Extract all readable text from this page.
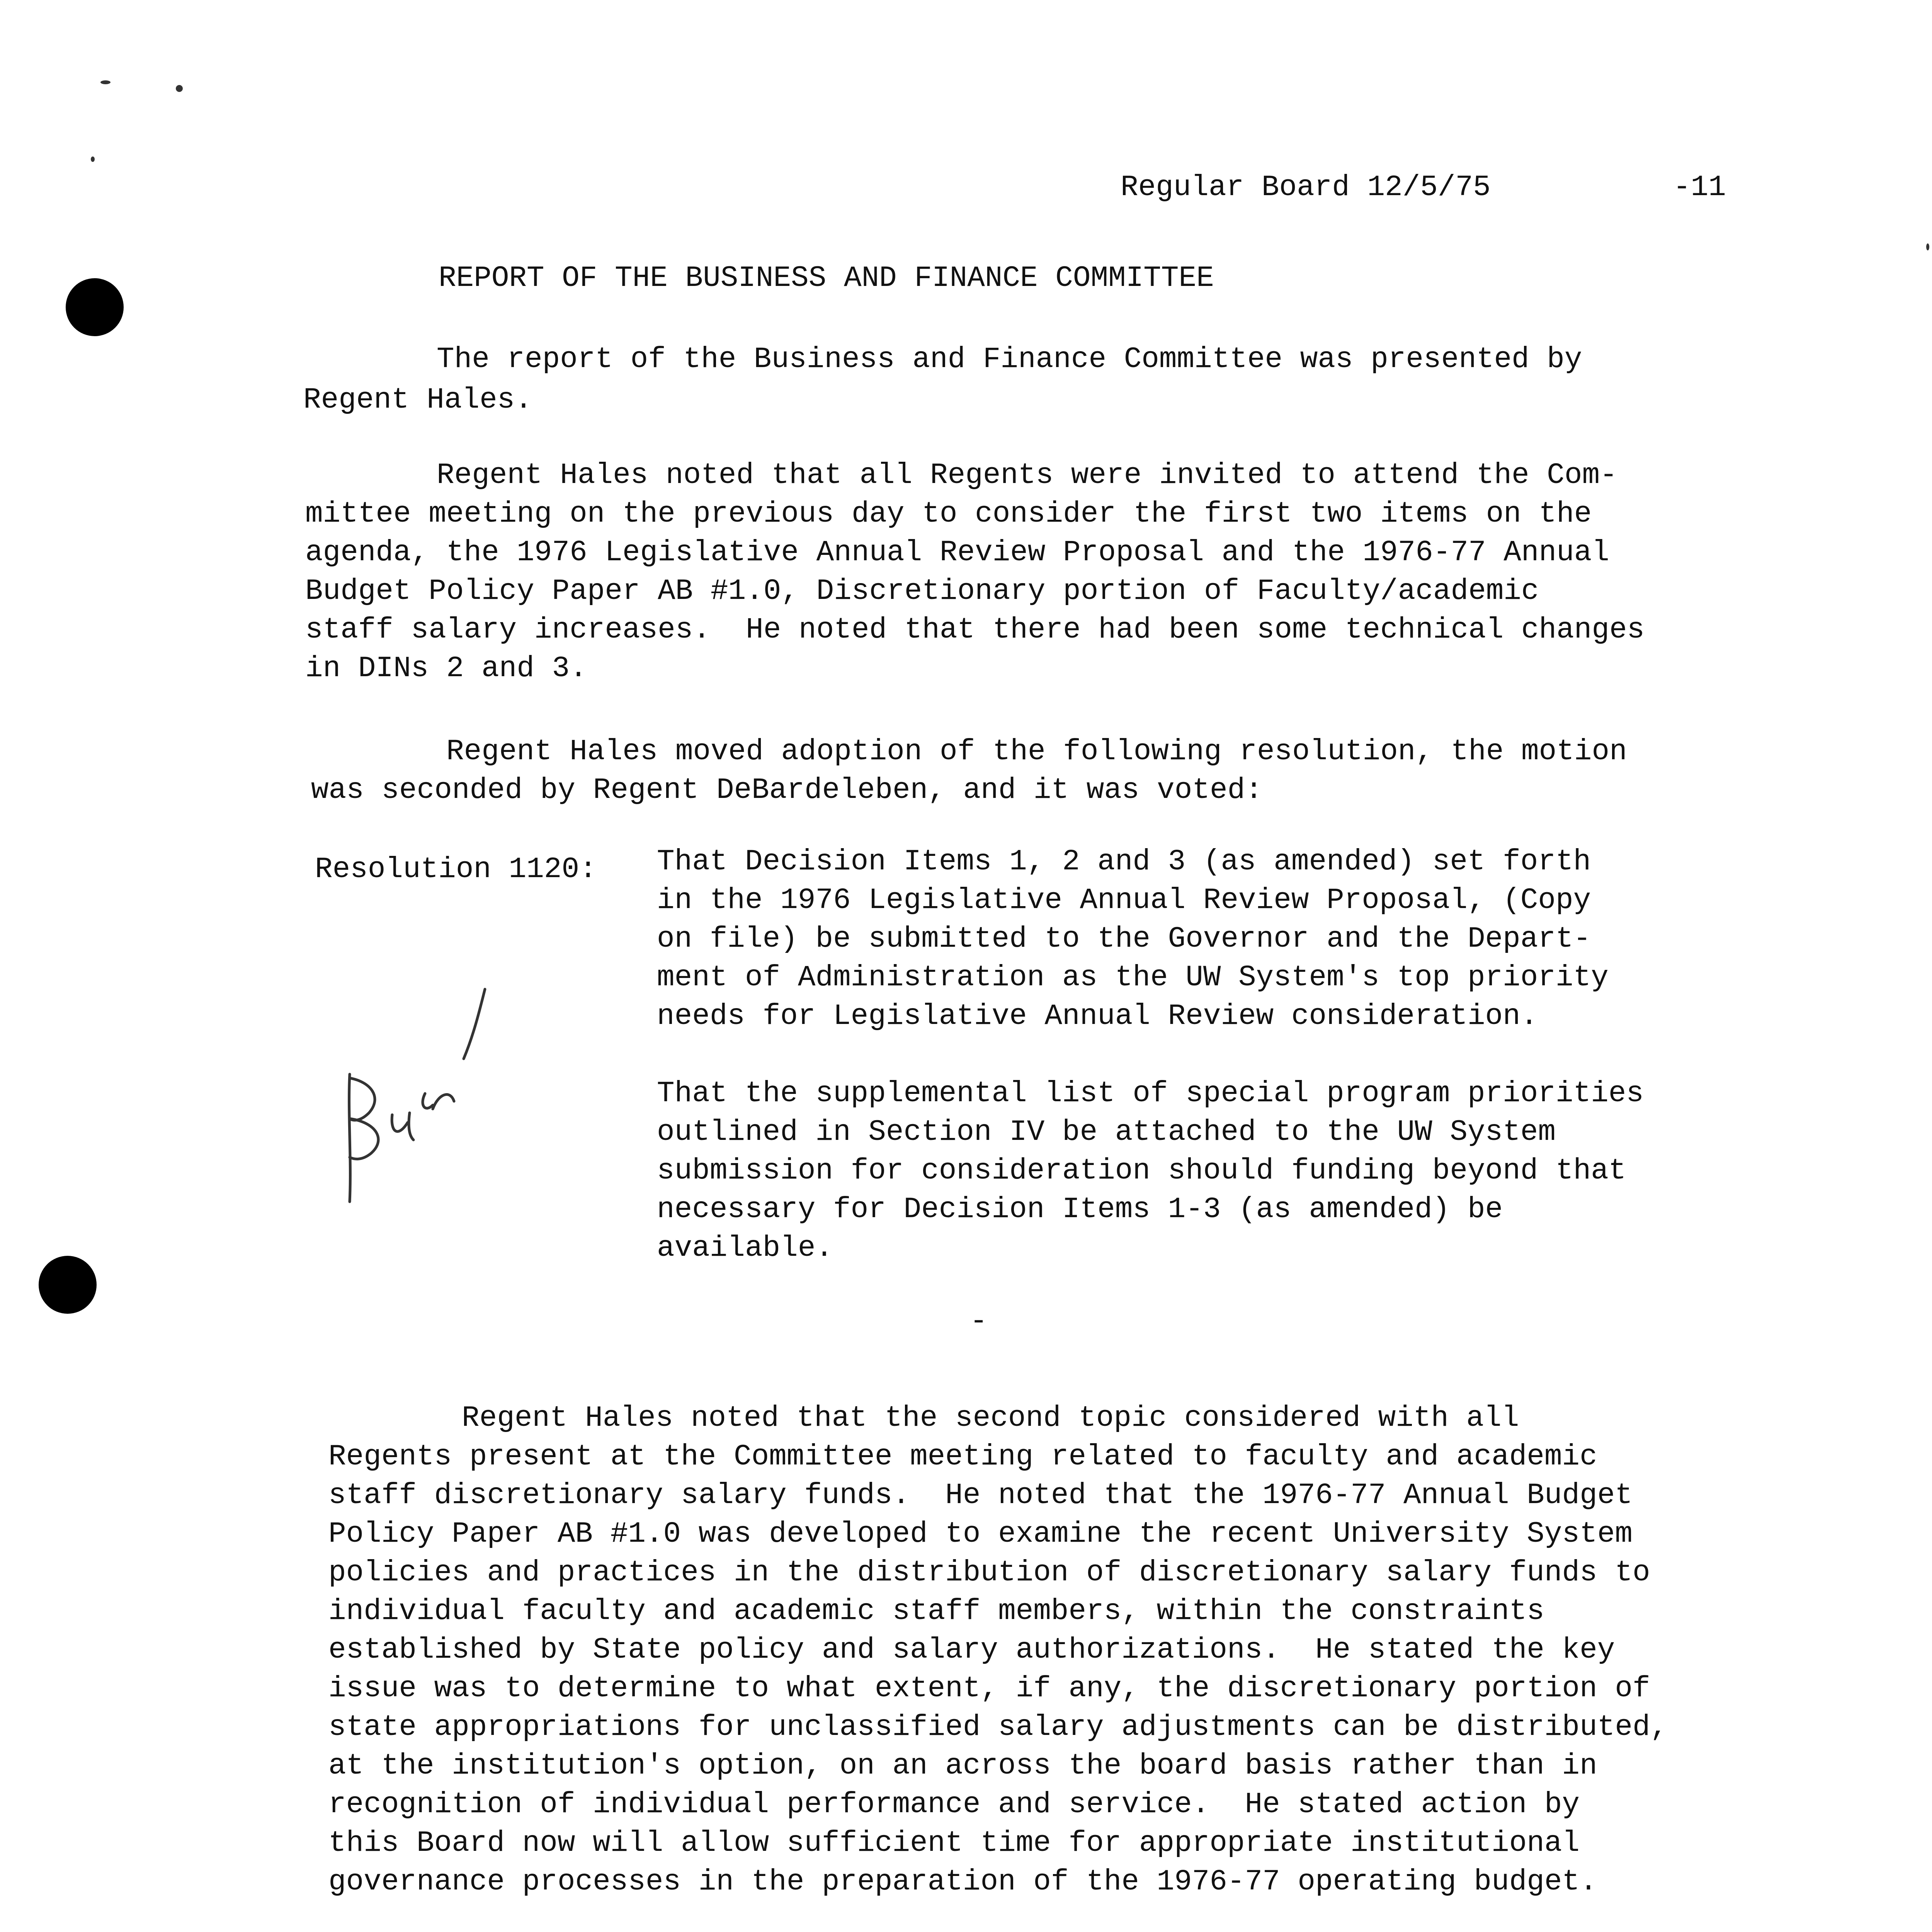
Regular Board 12/5/75	-11

REPORT OF THE BUSINESS AND FINANCE COMMITTEE

The report of the Business and Finance Committee was presented by

Regent Hales.

Regent Hales noted that all Regents were invited to attend the Com-

mittee meeting on the previous day to consider the first two items on the

agenda, the 1976 Legislative Annual Review Proposal and the 1976-77 Annual

Budget Policy Paper AB #1.0, Discretionary portion of Faculty/academic

staff salary increases.  He noted that there had been some technical changes

in DINs 2 and 3.

Regent Hales moved adoption of the following resolution, the motion

was seconded by Regent DeBardeleben, and it was voted:

Resolution 1120: That Decision Items 1, 2 and 3 (as amended) set forth

in the 1976 Legislative Annual Review Proposal, (Copy

on file) be submitted to the Governor and the Depart-

ment of Administration as the UW System's top priority

needs for Legislative Annual Review consideration.

That the supplemental list of special program priorities

outlined in Section IV be attached to the UW System

submission for consideration should funding beyond that

necessary for Decision Items 1-3 (as amended) be

available.

-

Regent Hales noted that the second topic considered with all

Regents present at the Committee meeting related to faculty and academic

staff discretionary salary funds.  He noted that the 1976-77 Annual Budget

Policy Paper AB #1.0 was developed to examine the recent University System

policies and practices in the distribution of discretionary salary funds to

individual faculty and academic staff members, within the constraints

established by State policy and salary authorizations.  He stated the key

issue was to determine to what extent, if any, the discretionary portion of

state appropriations for unclassified salary adjustments can be distributed,

at the institution's option, on an across the board basis rather than in

recognition of individual performance and service.  He stated action by

this Board now will allow sufficient time for appropriate institutional

governance processes in the preparation of the 1976-77 operating budget.
